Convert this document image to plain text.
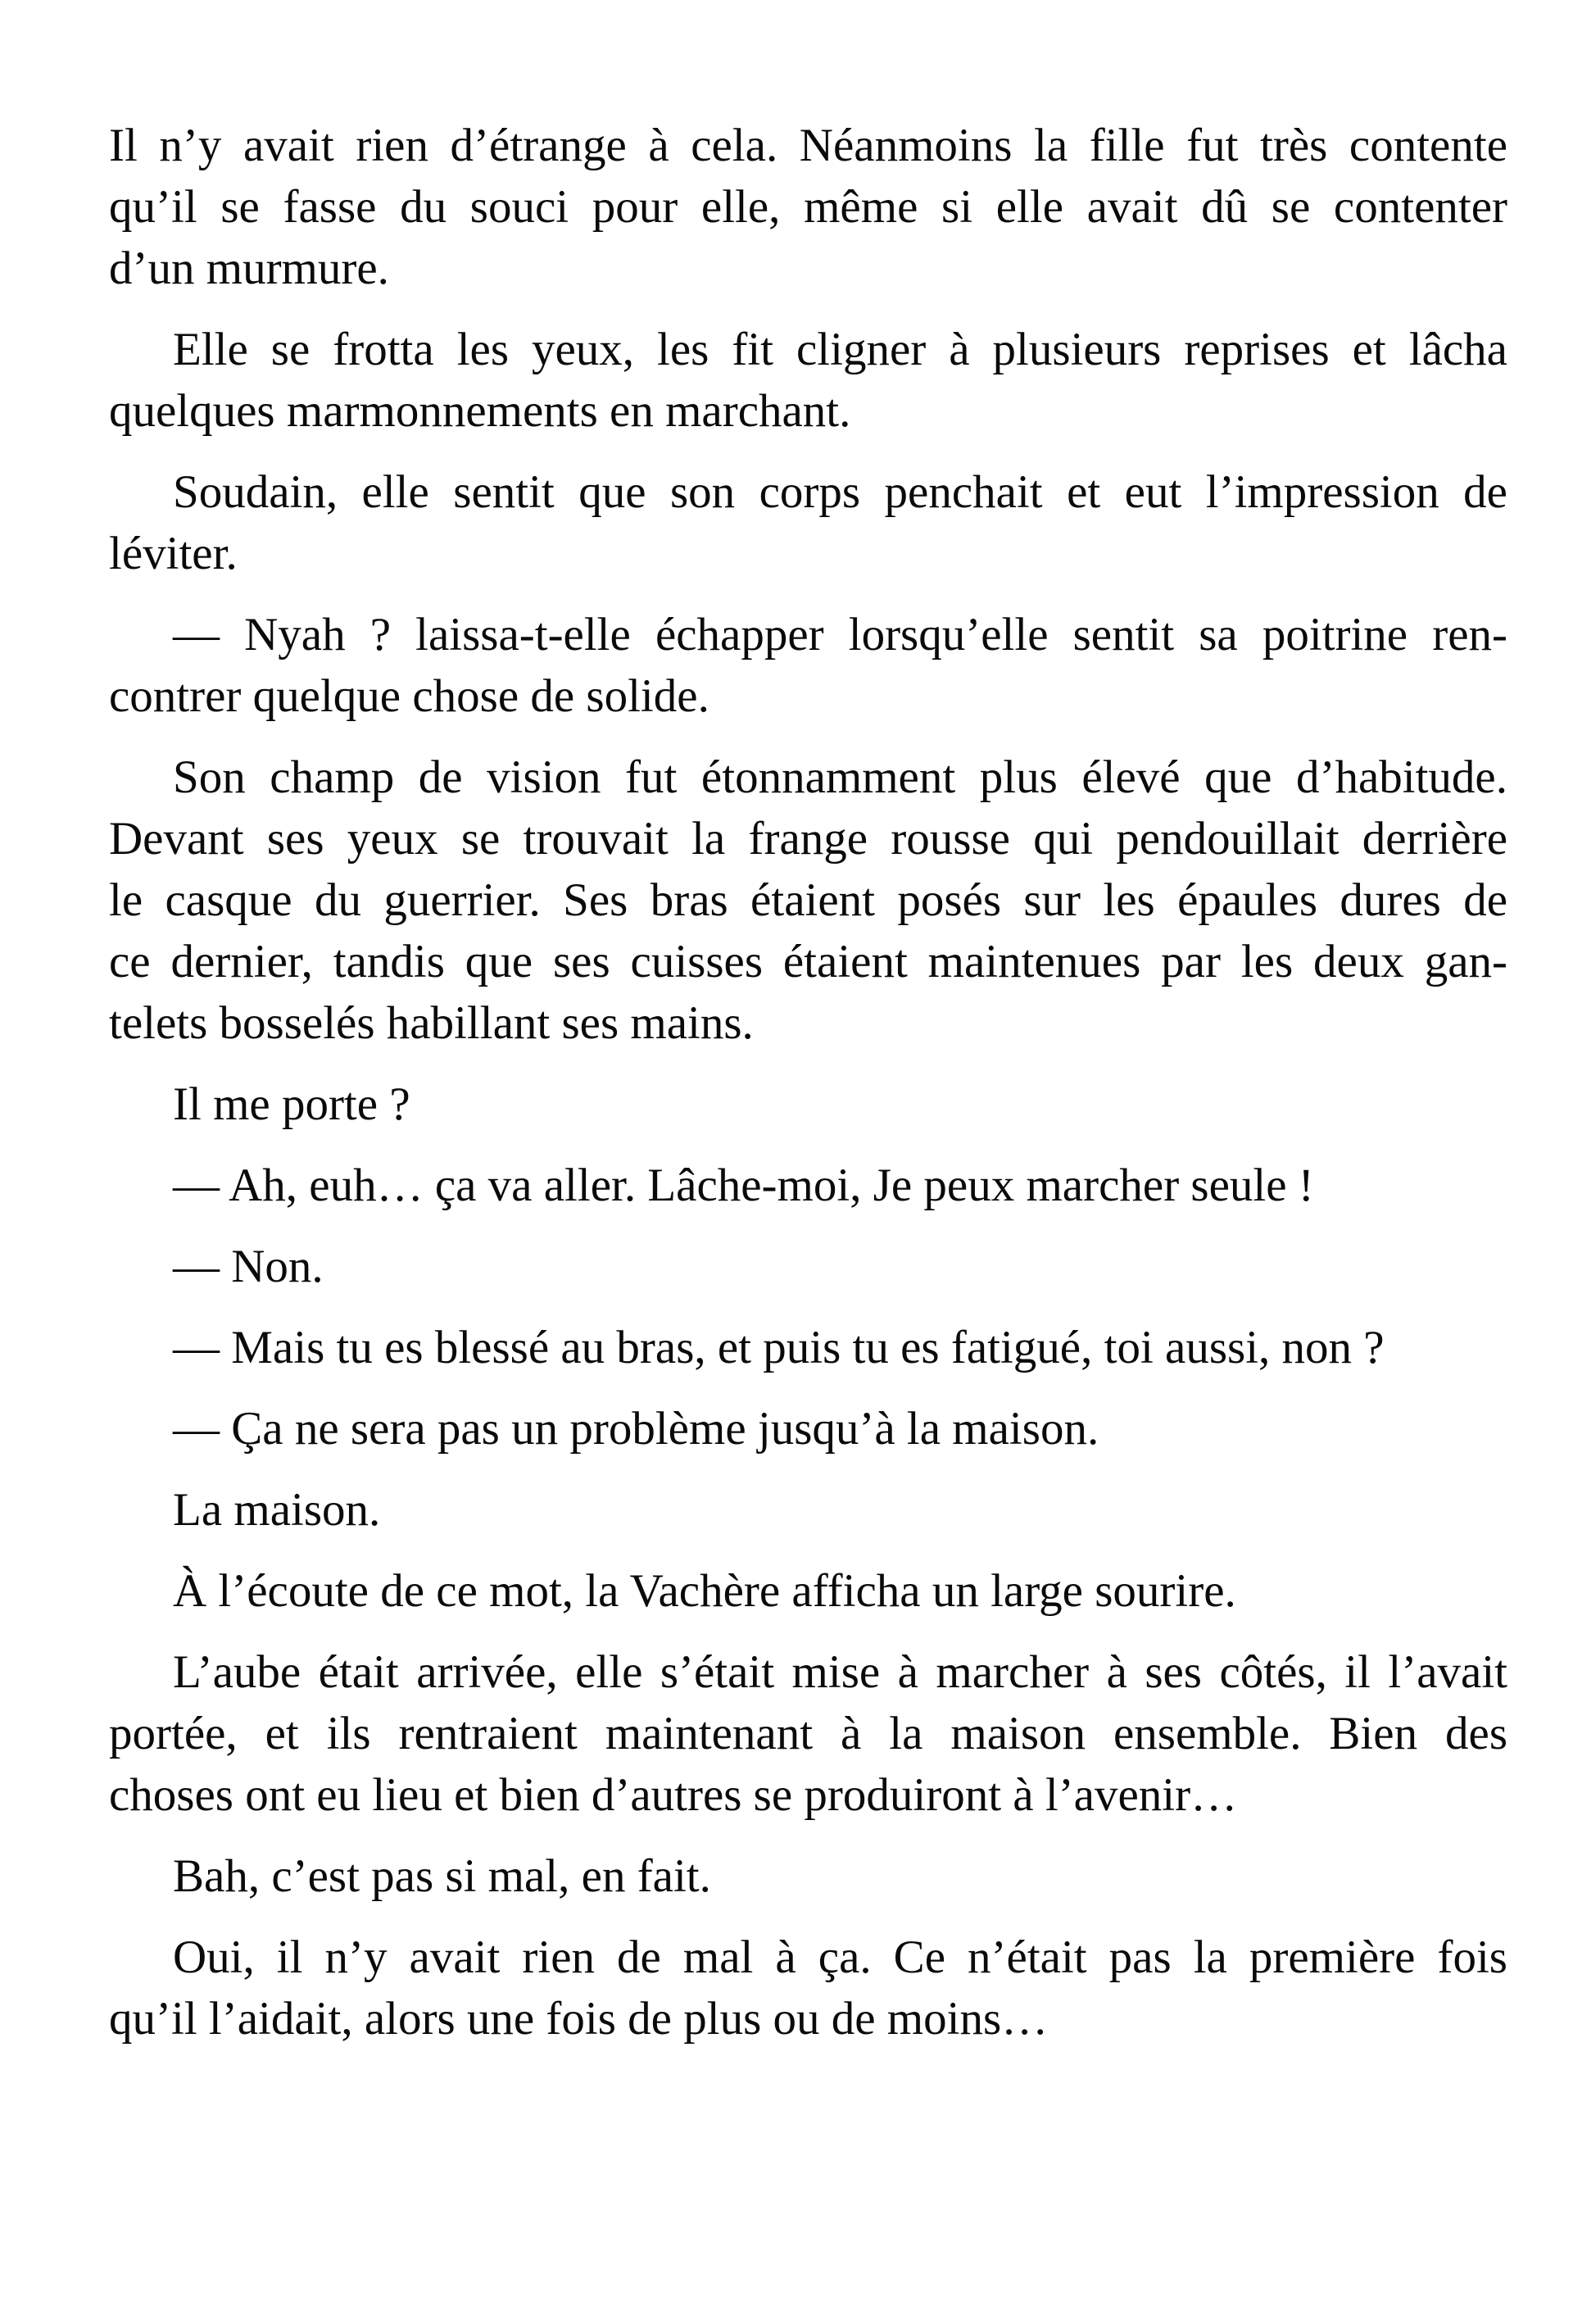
Il n’y avait rien d’étrange à cela. Néanmoins la fille fut très contente
qu’il se fasse du souci pour elle, même si elle avait dû se contenter
d’un murmure.

Elle se frotta les yeux, les fit cligner à plusieurs reprises et lâcha
quelques marmonnements en marchant.

Soudain, elle sentit que son corps penchait et eut l’impression de
léviter.

— Nyah ? laissa-t-elle échapper lorsqu’elle sentit sa poitrine ren-
contrer quelque chose de solide.

Son champ de vision fut étonnamment plus élevé que d’habitude.
Devant ses yeux se trouvait la frange rousse qui pendouillait derrière
le casque du guerrier. Ses bras étaient posés sur les épaules dures de
ce dernier, tandis que ses cuisses étaient maintenues par les deux gan-
telets bosselés habillant ses mains.

Il me porte ?

— Ah, euh… ça va aller. Lâche-moi, Je peux marcher seule !

— Non.

— Mais tu es blessé au bras, et puis tu es fatigué, toi aussi, non ?

— Ça ne sera pas un problème jusqu’à la maison.

La maison.

À l’écoute de ce mot, la Vachère afficha un large sourire.

L’aube était arrivée, elle s’était mise à marcher à ses côtés, il l’avait
portée, et ils rentraient maintenant à la maison ensemble. Bien des
choses ont eu lieu et bien d’autres se produiront à l’avenir…

Bah, c’est pas si mal, en fait.

Oui, il n’y avait rien de mal à ça. Ce n’était pas la première fois
qu’il l’aidait, alors une fois de plus ou de moins…
